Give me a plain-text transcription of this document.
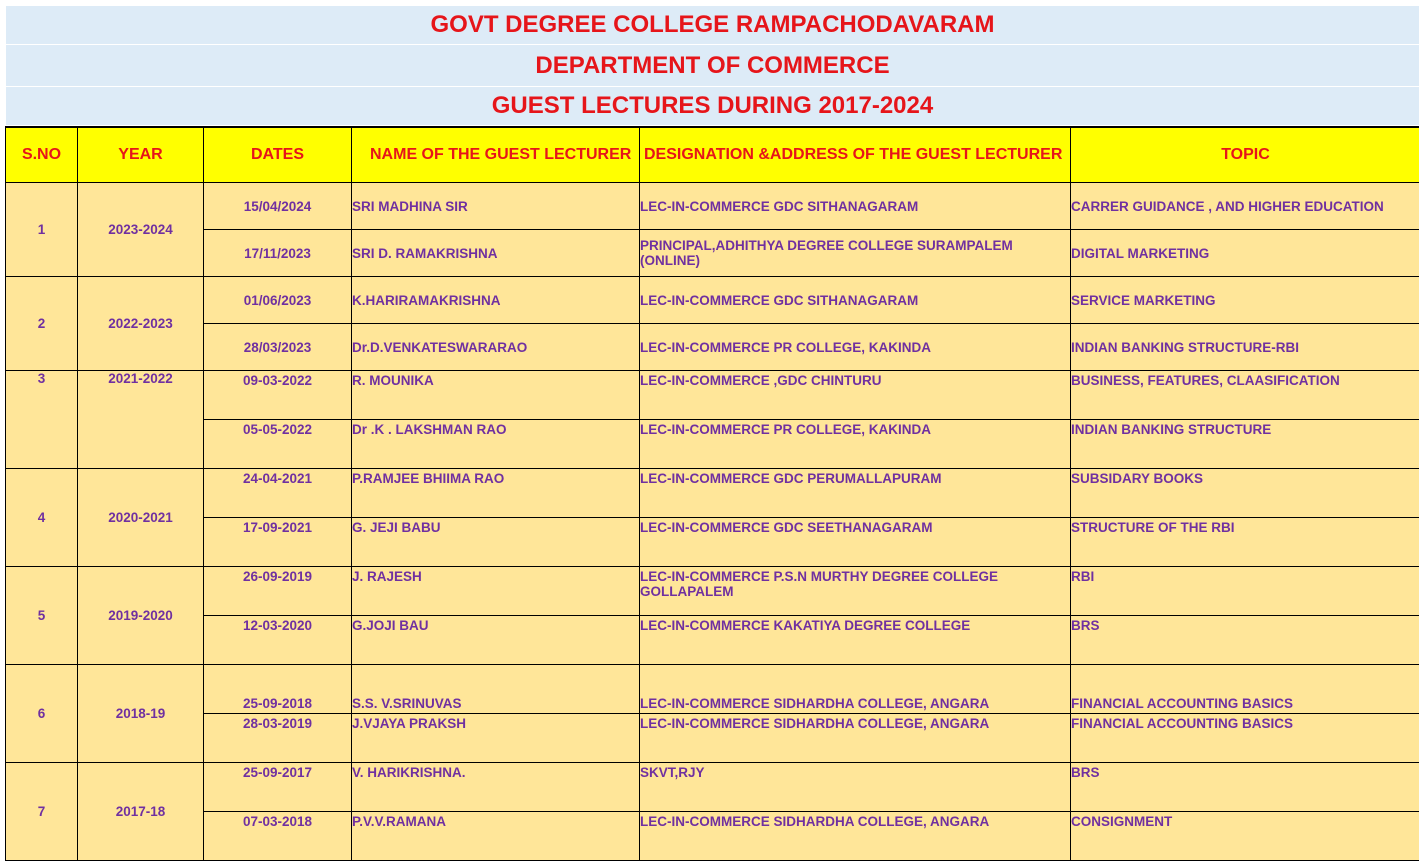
GOVT DEGREE COLLEGE RAMPACHODAVARAM
DEPARTMENT OF COMMERCE
GUEST LECTURES DURING 2017-2024
S.NO	YEAR	DATES	NAME OF THE GUEST LECTURER	DESIGNATION &ADDRESS OF THE GUEST LECTURER	TOPIC
1	2023-2024	15/04/2024	SRI MADHINA SIR	LEC-IN-COMMERCE GDC SITHANAGARAM	CARRER GUIDANCE , AND HIGHER EDUCATION
		17/11/2023	SRI D. RAMAKRISHNA	PRINCIPAL,ADHITHYA DEGREE COLLEGE SURAMPALEM (ONLINE)	DIGITAL MARKETING
2	2022-2023	01/06/2023	K.HARIRAMAKRISHNA	LEC-IN-COMMERCE GDC SITHANAGARAM	SERVICE MARKETING
		28/03/2023	Dr.D.VENKATESWARARAO	LEC-IN-COMMERCE PR COLLEGE, KAKINDA	INDIAN BANKING STRUCTURE-RBI
3	2021-2022	09-03-2022	R. MOUNIKA	LEC-IN-COMMERCE ,GDC CHINTURU	BUSINESS, FEATURES, CLAASIFICATION
		05-05-2022	Dr .K . LAKSHMAN RAO	LEC-IN-COMMERCE PR COLLEGE, KAKINDA	INDIAN BANKING STRUCTURE
4	2020-2021	24-04-2021	P.RAMJEE BHIIMA RAO	LEC-IN-COMMERCE GDC PERUMALLAPURAM	SUBSIDARY BOOKS
		17-09-2021	G. JEJI BABU	LEC-IN-COMMERCE GDC SEETHANAGARAM	STRUCTURE OF THE RBI
5	2019-2020	26-09-2019	J. RAJESH	LEC-IN-COMMERCE P.S.N MURTHY DEGREE COLLEGE GOLLAPALEM	RBI
		12-03-2020	G.JOJI BAU	LEC-IN-COMMERCE KAKATIYA DEGREE COLLEGE	BRS
6	2018-19	25-09-2018	S.S. V.SRINUVAS	LEC-IN-COMMERCE SIDHARDHA COLLEGE, ANGARA	FINANCIAL ACCOUNTING BASICS
		28-03-2019	J.VJAYA PRAKSH	LEC-IN-COMMERCE SIDHARDHA COLLEGE, ANGARA	FINANCIAL ACCOUNTING BASICS
7	2017-18	25-09-2017	V. HARIKRISHNA.	SKVT,RJY	BRS
		07-03-2018	P.V.V.RAMANA	LEC-IN-COMMERCE SIDHARDHA COLLEGE, ANGARA	CONSIGNMENT
